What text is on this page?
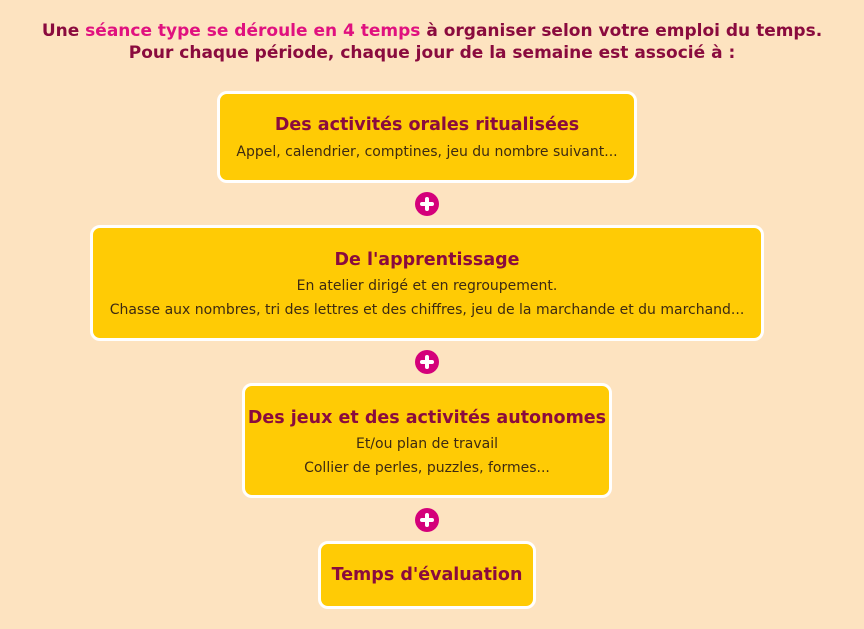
Une séance type se déroule en 4 temps à organiser selon votre emploi du temps.
Pour chaque période, chaque jour de la semaine est associé à :
Des activités orales ritualisées
Appel, calendrier, comptines, jeu du nombre suivant...
De l'apprentissage
En atelier dirigé et en regroupement.
Chasse aux nombres, tri des lettres et des chiffres, jeu de la marchande et du marchand...
Des jeux et des activités autonomes
Et/ou plan de travail
Collier de perles, puzzles, formes...
Temps d'évaluation
